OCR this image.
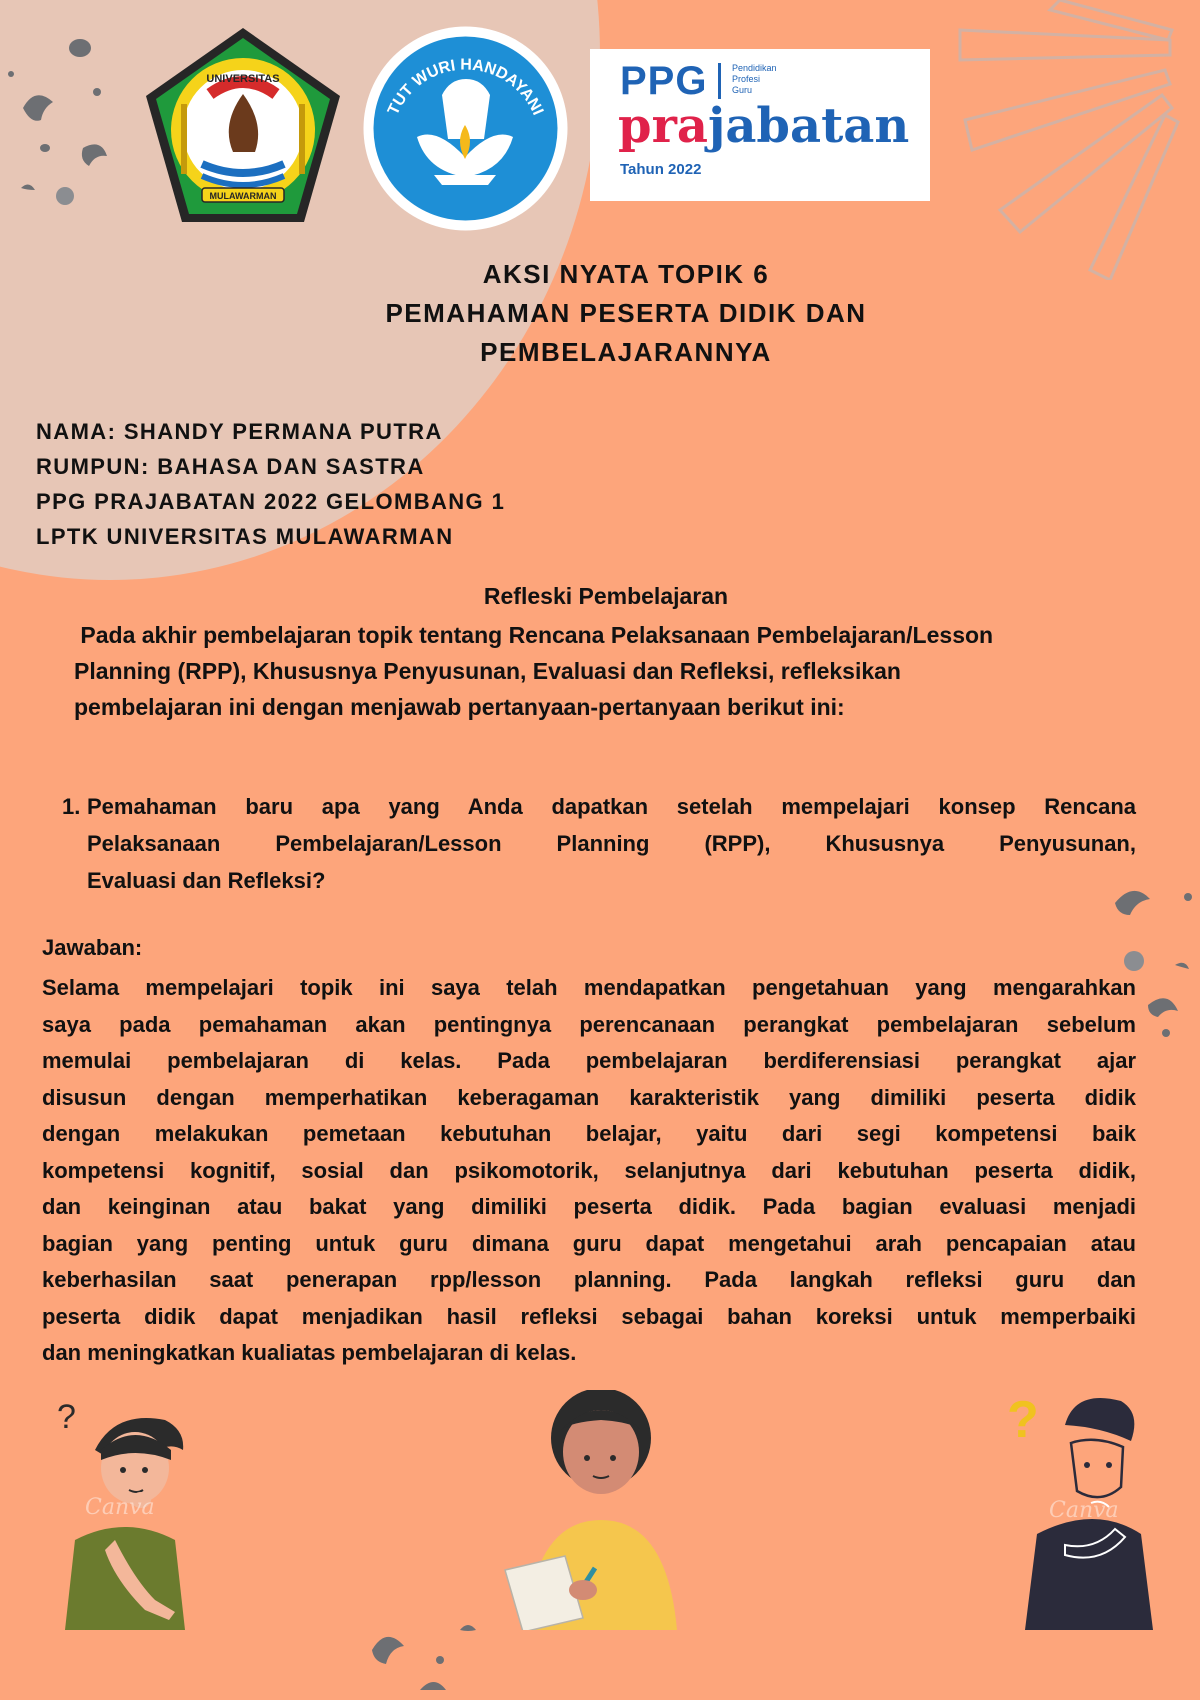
UNIVERSITAS
MULAWARMAN
TUT WURI HANDAYANI
PPG	Pendidikan
Profesi
Guru
prajabatan
Tahun 2022
AKSI NYATA TOPIK 6
PEMAHAMAN PESERTA DIDIK DAN
PEMBELAJARANNYA
NAMA: SHANDY PERMANA PUTRA
RUMPUN: BAHASA DAN SASTRA
PPG PRAJABATAN 2022 GELOMBANG 1
LPTK UNIVERSITAS MULAWARMAN
Refleski Pembelajaran
Pada akhir pembelajaran topik tentang Rencana Pelaksanaan Pembelajaran/Lesson
Planning (RPP), Khususnya Penyusunan, Evaluasi dan Refleksi, refleksikan
pembelajaran ini dengan menjawab pertanyaan-pertanyaan berikut ini:
1. Pemahaman baru apa yang Anda dapatkan setelah mempelajari konsep Rencana
Pelaksanaan Pembelajaran/Lesson Planning (RPP), Khususnya Penyusunan,
Evaluasi dan Refleksi?
Jawaban:
Selama mempelajari topik ini saya telah mendapatkan pengetahuan yang mengarahkan
saya pada pemahaman akan pentingnya perencanaan perangkat pembelajaran sebelum
memulai pembelajaran di kelas. Pada pembelajaran berdiferensiasi perangkat ajar
disusun dengan memperhatikan keberagaman karakteristik yang dimiliki peserta didik
dengan melakukan pemetaan kebutuhan belajar, yaitu dari segi kompetensi baik
kompetensi kognitif, sosial dan psikomotorik, selanjutnya dari kebutuhan peserta didik,
dan keinginan atau bakat yang dimiliki peserta didik. Pada bagian evaluasi menjadi
bagian yang penting untuk guru dimana guru dapat mengetahui arah pencapaian atau
keberhasilan saat penerapan rpp/lesson planning. Pada langkah refleksi guru dan
peserta didik dapat menjadikan hasil refleksi sebagai bahan koreksi untuk memperbaiki
dan meningkatkan kualiatas pembelajaran di kelas.
?
Canva
?
Canva
